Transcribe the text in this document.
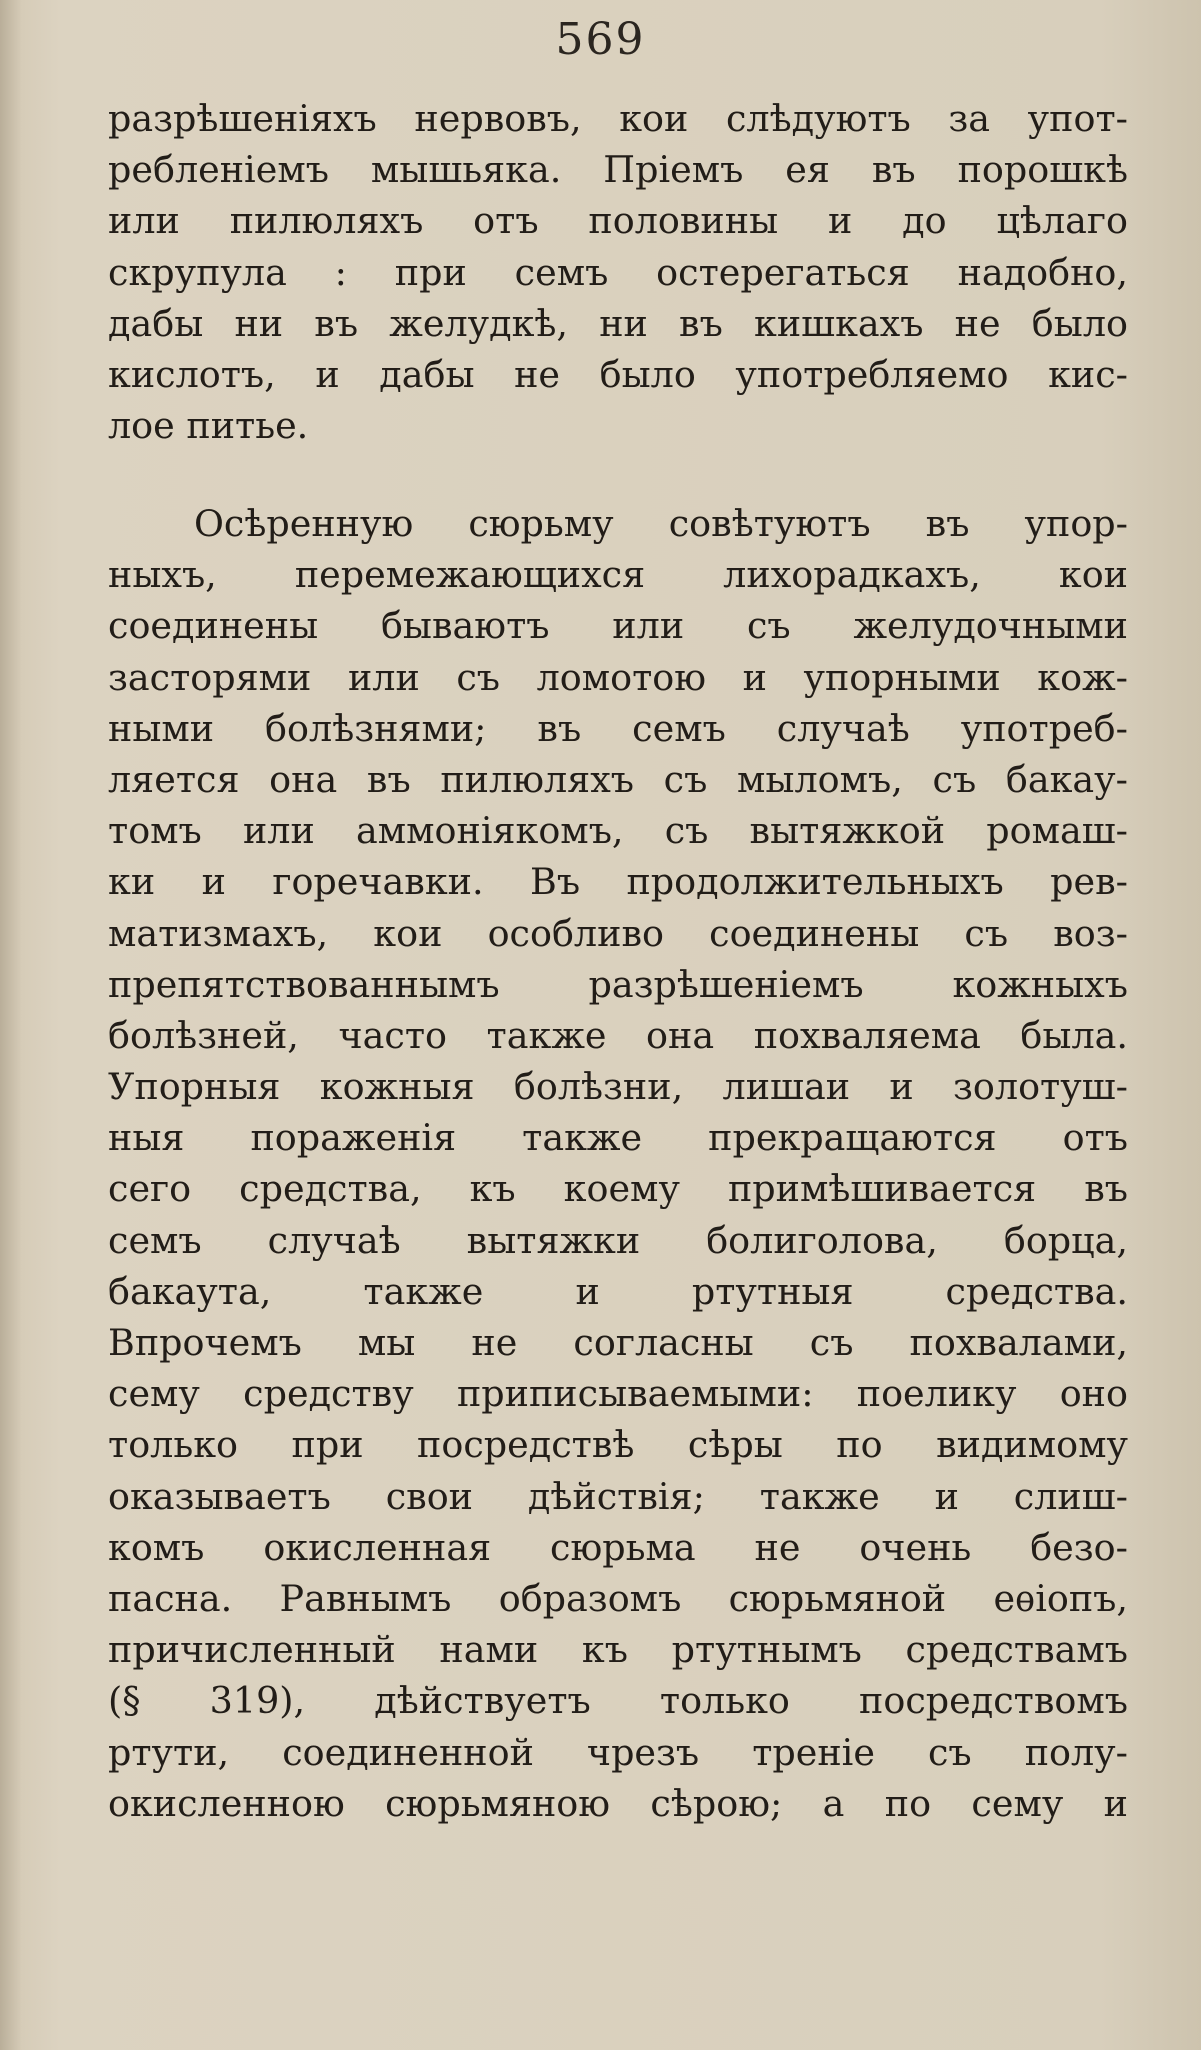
569
разрѣшеніяхъ нервовъ, кои слѣдуютъ за упот-
ребленіемъ мышьяка. Пріемъ ея въ порошкѣ
или пилюляхъ отъ половины и до цѣлаго
скрупула : при семъ остерегаться надобно,
дабы ни въ желудкѣ, ни въ кишкахъ не было
кислотъ, и дабы не было употребляемо кис-
лое питье.
Осѣренную сюрьму совѣтуютъ въ упор-
ныхъ, перемежающихся лихорадкахъ, кои
соединены бываютъ или съ желудочными
засторями или съ ломотою и упорными кож-
ными болѣзнями; въ семъ случаѣ употреб-
ляется она въ пилюляхъ съ мыломъ, съ бакау-
томъ или аммоніякомъ, съ вытяжкой ромаш-
ки и горечавки. Въ продолжительныхъ рев-
матизмахъ, кои особливо соединены съ воз-
препятствованнымъ разрѣшеніемъ кожныхъ
болѣзней, часто также она похваляема была.
Упорныя кожныя болѣзни, лишаи и золотуш-
ныя пораженія также прекращаются отъ
сего средства, къ коему примѣшивается въ
семъ случаѣ вытяжки болиголова, борца,
бакаута, также и ртутныя средства.
Впрочемъ мы не согласны съ похвалами,
сему средству приписываемыми: поелику оно
только при посредствѣ сѣры по видимому
оказываетъ свои дѣйствія; также и слиш-
комъ окисленная сюрьма не очень безо-
пасна. Равнымъ образомъ сюрьмяной еѳіопъ,
причисленный нами къ ртутнымъ средствамъ
(§ 319), дѣйствуетъ только посредствомъ
ртути, соединенной чрезъ треніе съ полу-
окисленною сюрьмяною сѣрою; а по сему и
